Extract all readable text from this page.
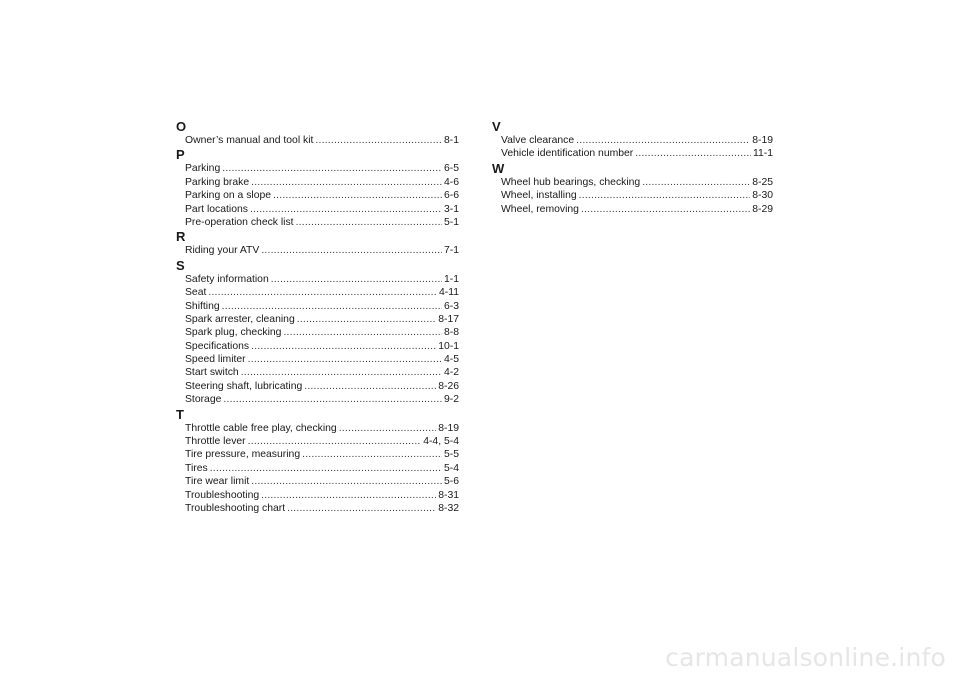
O
Owner’s manual and tool kit .....	8-1
P
Parking .....	6-5
Parking brake .....	4-6
Parking on a slope .....	6-6
Part locations .....	3-1
Pre-operation check list .....	5-1
R
Riding your ATV .....	7-1
S
Safety information .....	1-1
Seat .....	4-11
Shifting .....	6-3
Spark arrester, cleaning .....	8-17
Spark plug, checking .....	8-8
Specifications .....	10-1
Speed limiter .....	4-5
Start switch .....	4-2
Steering shaft, lubricating .....	8-26
Storage .....	9-2
T
Throttle cable free play, checking .....	8-19
Throttle lever .....	4-4, 5-4
Tire pressure, measuring .....	5-5
Tires .....	5-4
Tire wear limit .....	5-6
Troubleshooting .....	8-31
Troubleshooting chart .....	8-32
V
Valve clearance .....	8-19
Vehicle identification number .....	11-1
W
Wheel hub bearings, checking .....	8-25
Wheel, installing .....	8-30
Wheel, removing .....	8-29
carmanualsonline.info
